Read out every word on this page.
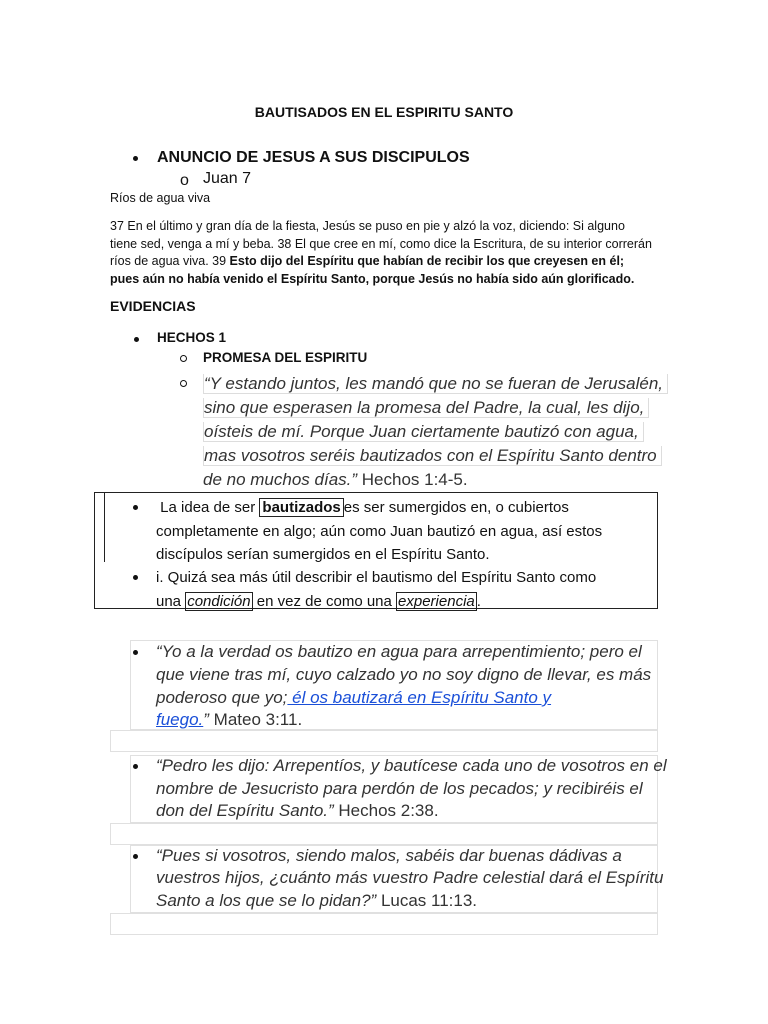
BAUTISADOS EN EL ESPIRITU SANTO
ANUNCIO DE JESUS A SUS DISCIPULOS
o Juan 7
Ríos de agua viva
37 En el último y gran día de la fiesta, Jesús se puso en pie y alzó la voz, diciendo: Si alguno tiene sed, venga a mí y beba. 38 El que cree en mí, como dice la Escritura, de su interior correrán ríos de agua viva. 39 Esto dijo del Espíritu que habían de recibir los que creyesen en él; pues aún no había venido el Espíritu Santo, porque Jesús no había sido aún glorificado.
EVIDENCIAS
HECHOS 1
PROMESA DEL ESPIRITU
“Y estando juntos, les mandó que no se fueran de Jerusalén,
sino que esperasen la promesa del Padre, la cual, les dijo,
oísteis de mí. Porque Juan ciertamente bautizó con agua,
mas vosotros seréis bautizados con el Espíritu Santo dentro
de no muchos días.” Hechos 1:4-5.
La idea de ser bautizados es ser sumergidos en, o cubiertos
completamente en algo; aún como Juan bautizó en agua, así estos
discípulos serían sumergidos en el Espíritu Santo.
i. Quizá sea más útil describir el bautismo del Espíritu Santo como
una condición en vez de como una experiencia .
“Yo a la verdad os bautizo en agua para arrepentimiento; pero el
que viene tras mí, cuyo calzado yo no soy digno de llevar, es más
poderoso que yo; él os bautizará en Espíritu Santo y
fuego.” Mateo 3:11.
“Pedro les dijo: Arrepentíos, y bautícese cada uno de vosotros en el
nombre de Jesucristo para perdón de los pecados; y recibiréis el
don del Espíritu Santo.” Hechos 2:38.
“Pues si vosotros, siendo malos, sabéis dar buenas dádivas a
vuestros hijos, ¿cuánto más vuestro Padre celestial dará el Espíritu
Santo a los que se lo pidan?” Lucas 11:13.
